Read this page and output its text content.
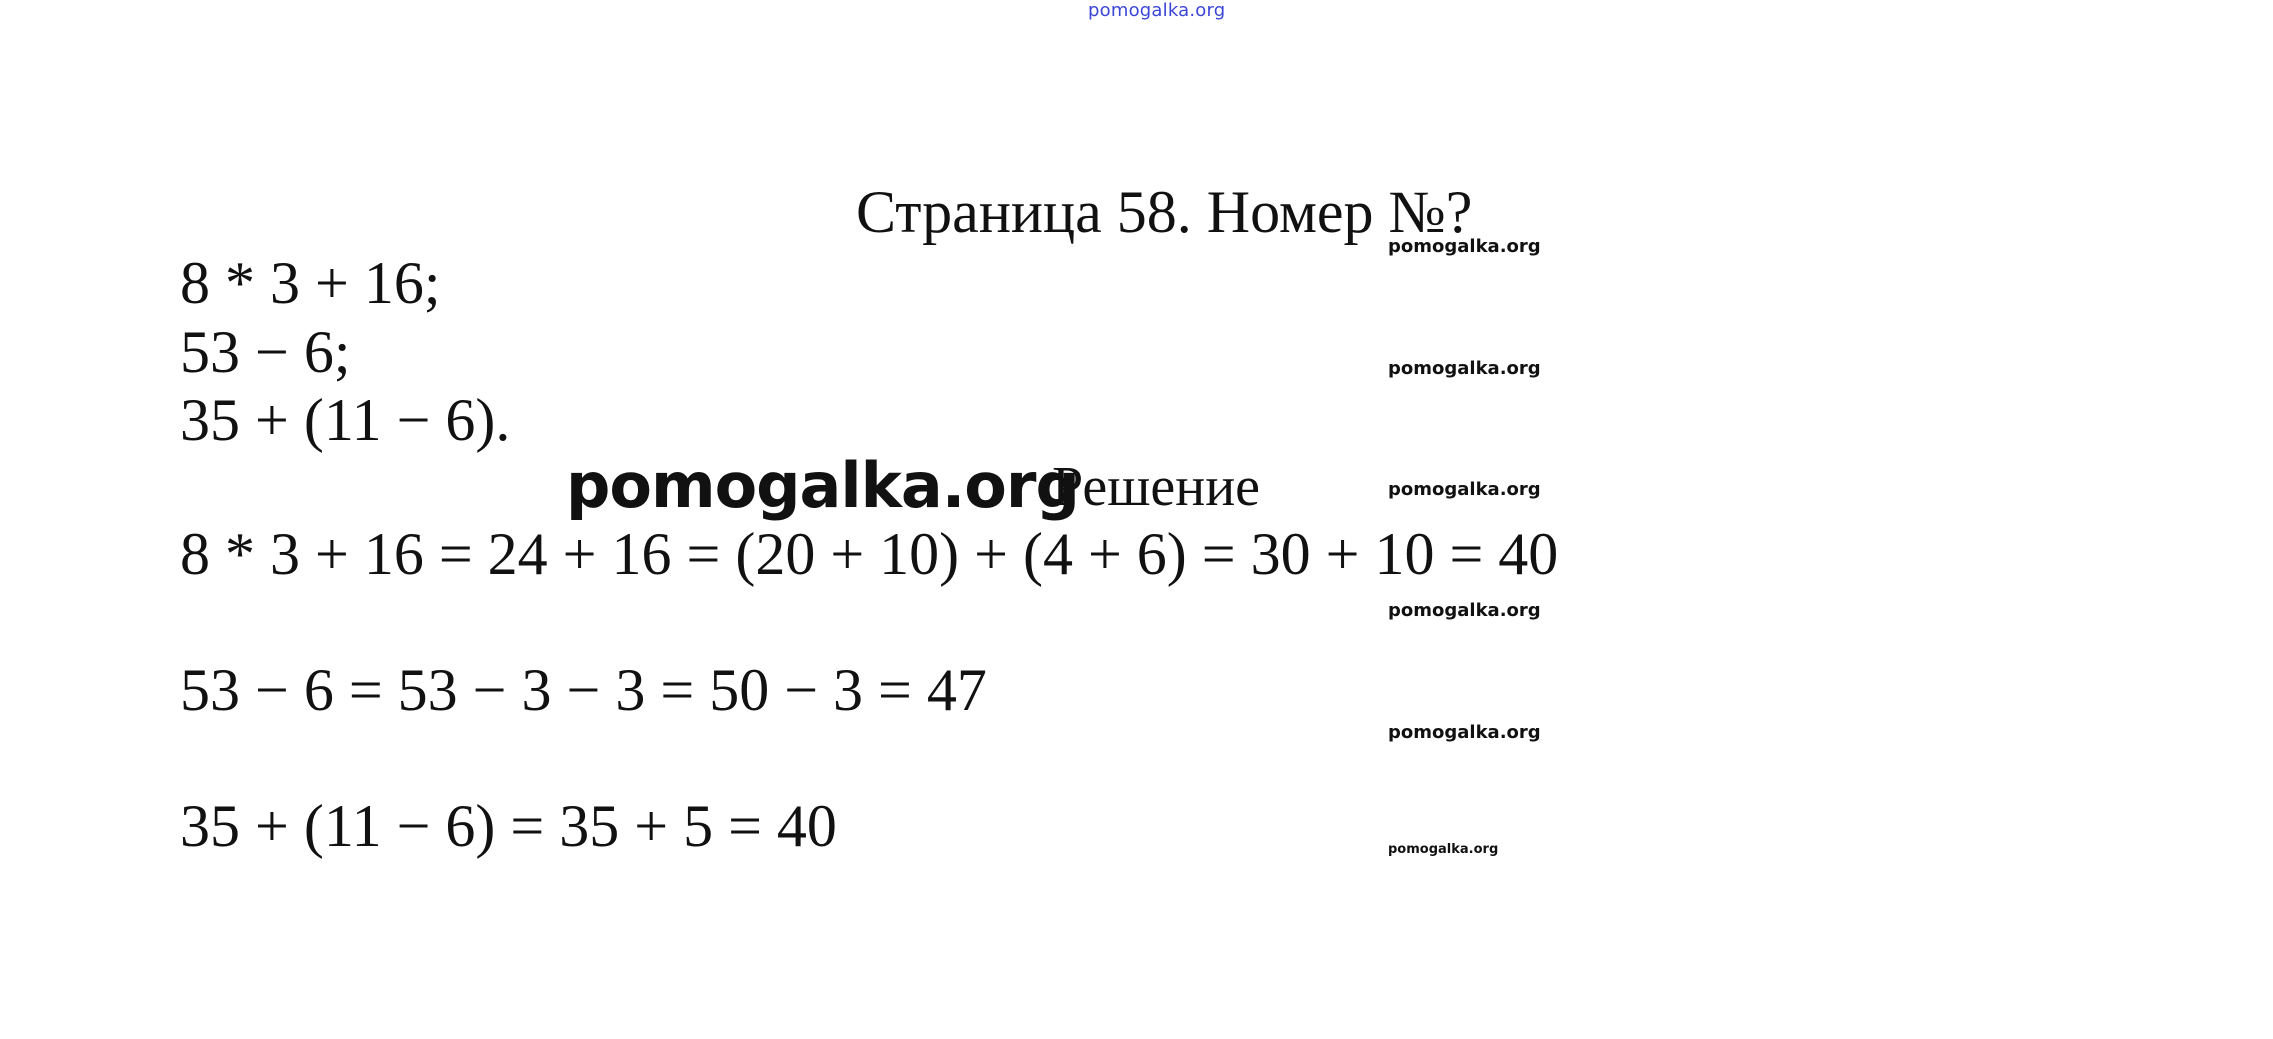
pomogalka.org
Страница 58. Номер №?
8 * 3 + 16;
53 − 6;
35 + (11 − 6).
pomogalka.org
Решение
8 * 3 + 16 = 24 + 16 = (20 + 10) + (4 + 6) = 30 + 10 = 40
53 − 6 = 53 − 3 − 3 = 50 − 3 = 47
35 + (11 − 6) = 35 + 5 = 40
pomogalka.org
pomogalka.org
pomogalka.org
pomogalka.org
pomogalka.org
pomogalka.org
